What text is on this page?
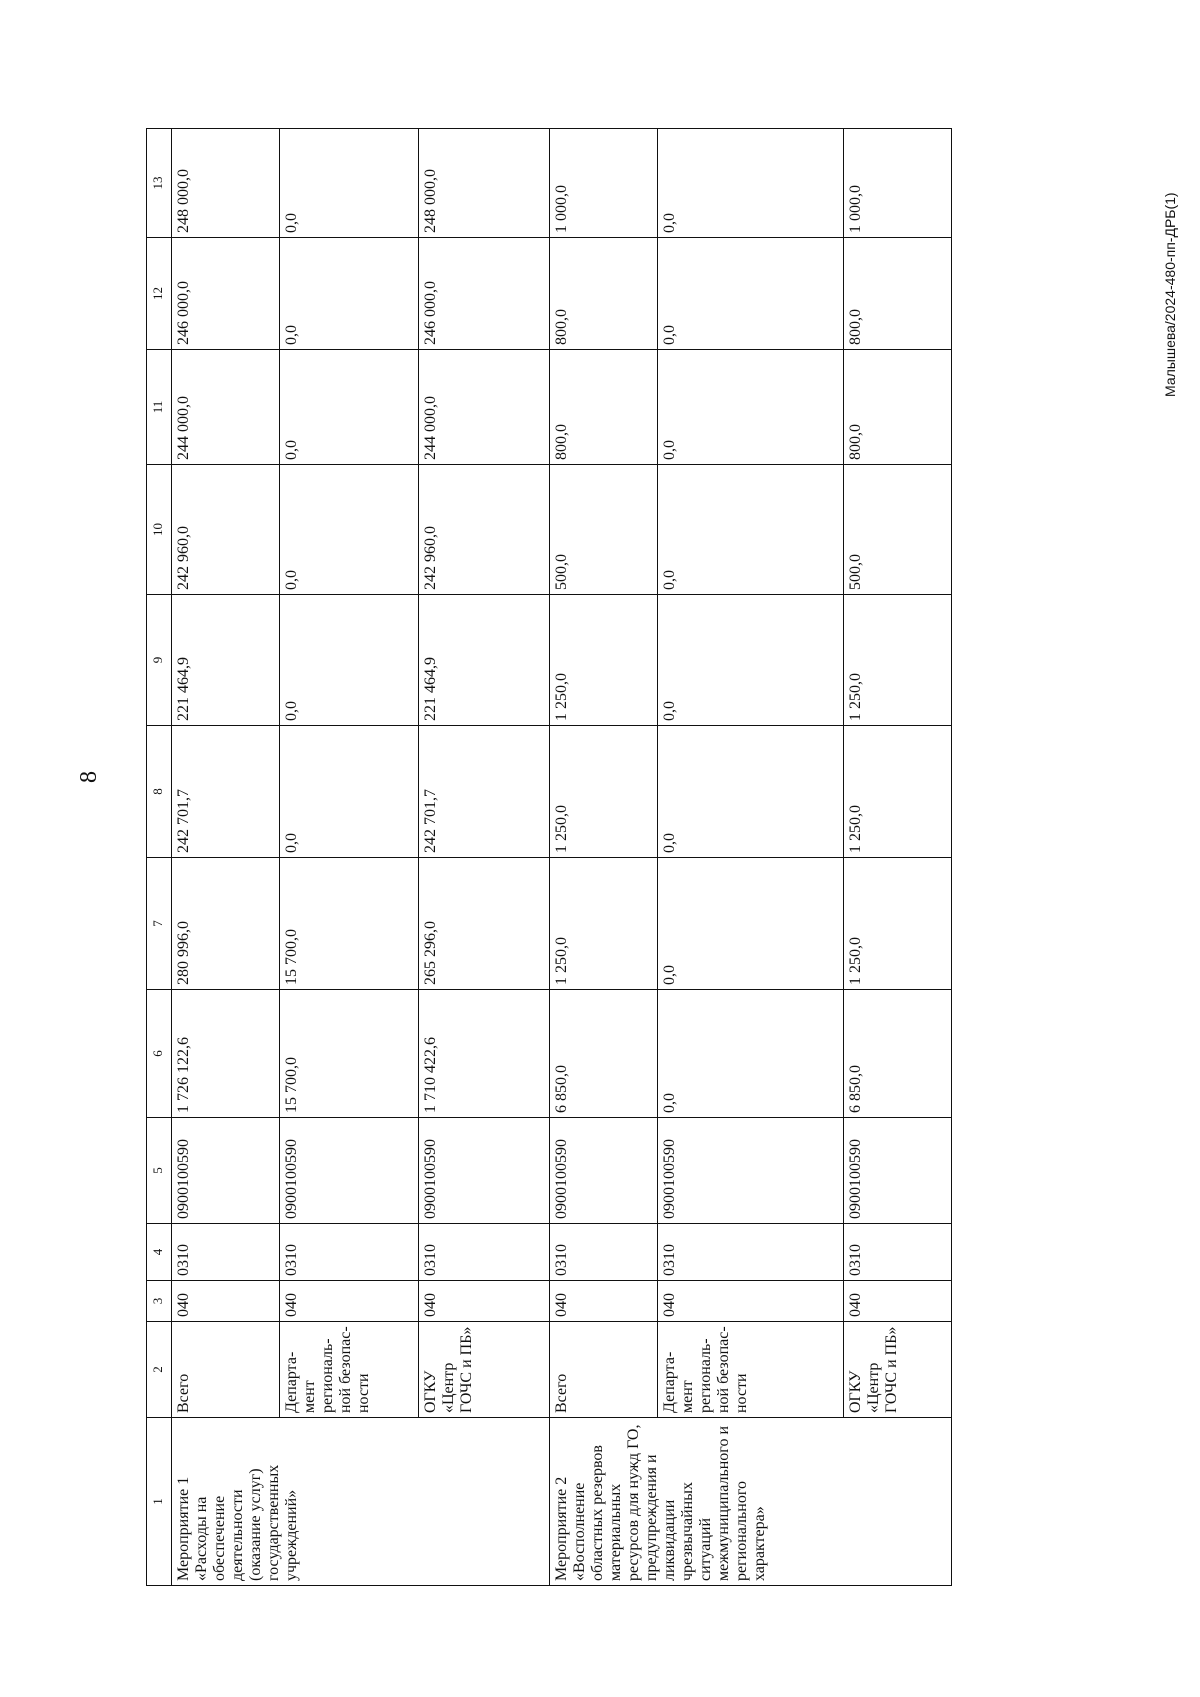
8
1	2	3	4	5	6	7	8	9	10	11	12	13
Мероприятие 1 «Расходы на обеспечение деятельности (оказание услуг) государственных учреждений»	Всего	040	0310	0900100590	1 726 122,6	280 996,0	242 701,7	221 464,9	242 960,0	244 000,0	246 000,0	248 000,0
	Департа-мент региональ-ной безопас-ности	040	0310	0900100590	15 700,0	15 700,0	0,0	0,0	0,0	0,0	0,0	0,0
	ОГКУ «Центр ГОЧС и ПБ»	040	0310	0900100590	1 710 422,6	265 296,0	242 701,7	221 464,9	242 960,0	244 000,0	246 000,0	248 000,0
Мероприятие 2 «Восполнение областных резервов материальных ресурсов для нужд ГО, предупреждения и ликвидации чрезвычайных ситуаций межмуниципального и регионального характера»	Всего	040	0310	0900100590	6 850,0	1 250,0	1 250,0	1 250,0	500,0	800,0	800,0	1 000,0
	Департа-мент региональ-ной безопас-ности	040	0310	0900100590	0,0	0,0	0,0	0,0	0,0	0,0	0,0	0,0
	ОГКУ «Центр ГОЧС и ПБ»	040	0310	0900100590	6 850,0	1 250,0	1 250,0	1 250,0	500,0	800,0	800,0	1 000,0	Малышева/2024-480-пп-ДРБ(1)
